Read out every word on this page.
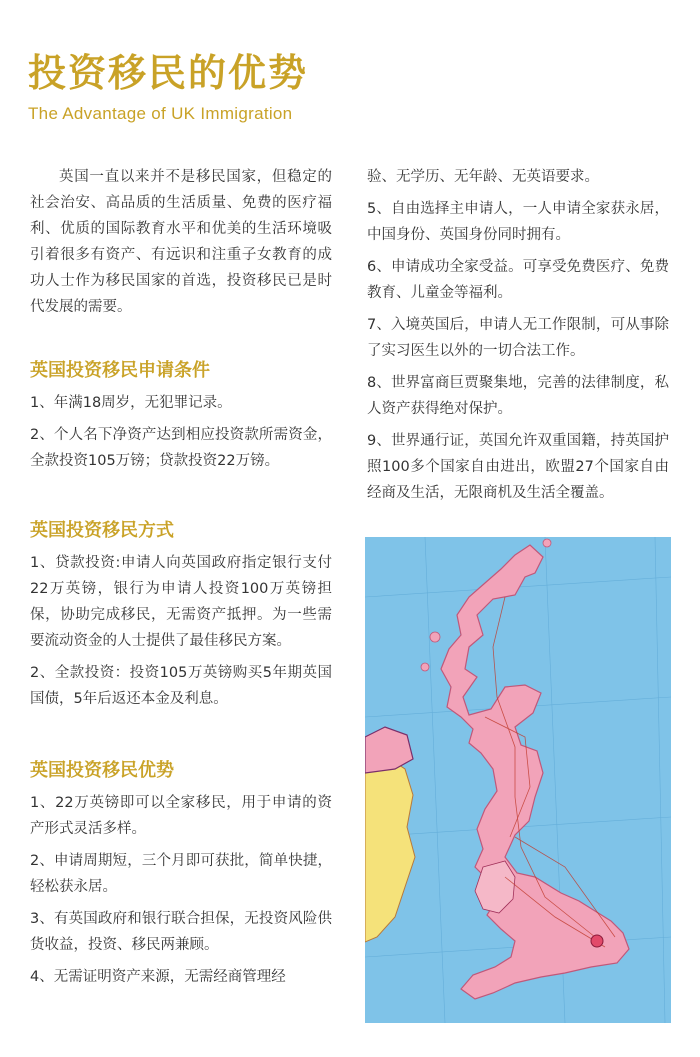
投资移民的优势
The Advantage of UK Immigration

英国一直以来并不是移民国家，但稳定的社会治安、高品质的生活质量、免费的医疗福利、优质的国际教育水平和优美的生活环境吸引着很多有资产、有远识和注重子女教育的成功人士作为移民国家的首选，投资移民已是时代发展的需要。

英国投资移民申请条件

1、年满18周岁，无犯罪记录。

2、个人名下净资产达到相应投资款所需资金，全款投资105万镑；贷款投资22万镑。

英国投资移民方式

1、贷款投资:申请人向英国政府指定银行支付22万英镑，银行为申请人投资100万英镑担保，协助完成移民，无需资产抵押。为一些需要流动资金的人士提供了最佳移民方案。

2、全款投资：投资105万英镑购买5年期英国国债，5年后返还本金及利息。

英国投资移民优势

1、22万英镑即可以全家移民，用于申请的资产形式灵活多样。

2、申请周期短，三个月即可获批，简单快捷，轻松获永居。

3、有英国政府和银行联合担保，无投资风险供货收益，投资、移民两兼顾。

4、无需证明资产来源，无需经商管理经

验、无学历、无年龄、无英语要求。

5、自由选择主申请人，一人申请全家获永居，中国身份、英国身份同时拥有。

6、申请成功全家受益。可享受免费医疗、免费教育、儿童金等福利。

7、入境英国后，申请人无工作限制，可从事除了实习医生以外的一切合法工作。

8、世界富商巨贾聚集地，完善的法律制度，私人资产获得绝对保护。

9、世界通行证，英国允许双重国籍，持英国护照100多个国家自由进出，欧盟27个国家自由经商及生活，无限商机及生活全覆盖。
